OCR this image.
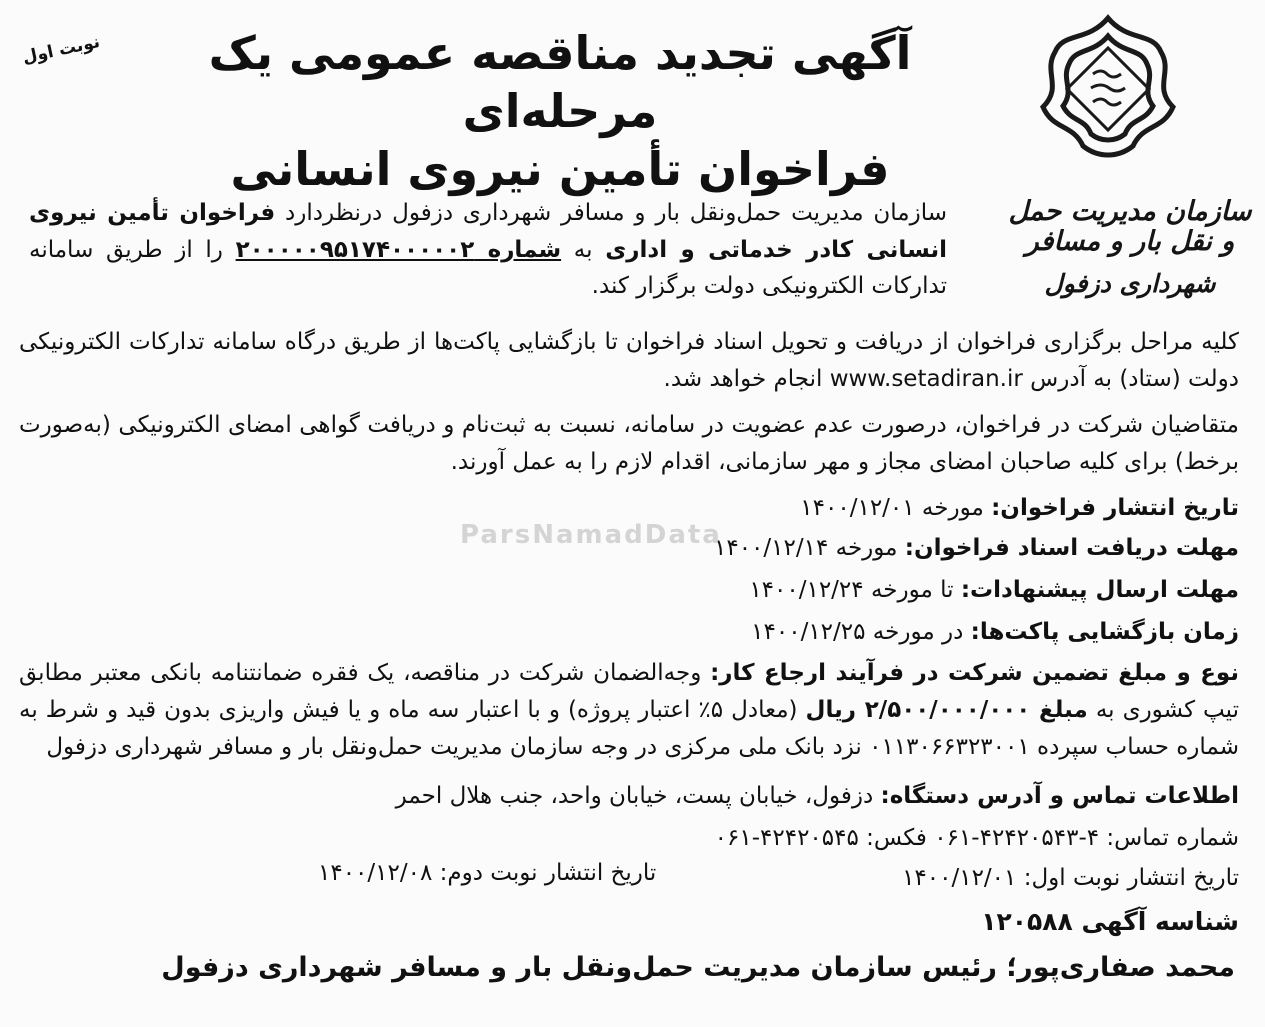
سازمان مدیریت حمل و نقل بار و مسافر
شهرداری دزفول
آگهی تجدید مناقصه عمومی یک مرحله‌ای
فراخوان تأمین نیروی انسانی
نوبت اول
سازمان مدیریت حمل‌ونقل بار و مسافر شهرداری دزفول درنظردارد فراخوان تأمین نیروی انسانی کادر خدماتی و اداری به شماره ۲۰۰۰۰۰۹۵۱۷۴۰۰۰۰۰۲ را از طریق سامانه تدارکات الکترونیکی دولت برگزار کند.
کلیه مراحل برگزاری فراخوان از دریافت و تحویل اسناد فراخوان تا بازگشایی پاکت‌ها از طریق درگاه سامانه تدارکات الکترونیکی دولت (ستاد) به آدرس www.setadiran.ir انجام خواهد شد.
متقاضیان شرکت در فراخوان، درصورت عدم عضویت در سامانه، نسبت به ثبت‌نام و دریافت گواهی امضای الکترونیکی (به‌صورت برخط) برای کلیه صاحبان امضای مجاز و مهر سازمانی، اقدام لازم را به عمل آورند.
تاریخ انتشار فراخوان: مورخه ۱۴۰۰/۱۲/۰۱
مهلت دریافت اسناد فراخوان: مورخه ۱۴۰۰/۱۲/۱۴
مهلت ارسال پیشنهادات: تا مورخه ۱۴۰۰/۱۲/۲۴
زمان بازگشایی پاکت‌ها: در مورخه ۱۴۰۰/۱۲/۲۵
نوع و مبلغ تضمین شرکت در فرآیند ارجاع کار: وجه‌الضمان شرکت در مناقصه، یک فقره ضمانتنامه بانکی معتبر مطابق تیپ کشوری به مبلغ ۲/۵۰۰/۰۰۰/۰۰۰ ریال (معادل ۵٪ اعتبار پروژه) و با اعتبار سه ماه و یا فیش واریزی بدون قید و شرط به شماره حساب سپرده ۰۱۱۳۰۶۶۳۲۳۰۰۱ نزد بانک ملی مرکزی در وجه سازمان مدیریت حمل‌ونقل بار و مسافر شهرداری دزفول
اطلاعات تماس و آدرس دستگاه: دزفول، خیابان پست، خیابان واحد، جنب هلال احمر
شماره تماس: ۴-۴۲۴۲۰۵۴۳-۰۶۱ فکس: ۴۲۴۲۰۵۴۵-۰۶۱
تاریخ انتشار نوبت اول: ۱۴۰۰/۱۲/۰۱
تاریخ انتشار نوبت دوم: ۱۴۰۰/۱۲/۰۸
شناسه آگهی ۱۲۰۵۸۸
محمد صفاری‌پور؛ رئیس سازمان مدیریت حمل‌ونقل بار و مسافر شهرداری دزفول
ParsNamadData
